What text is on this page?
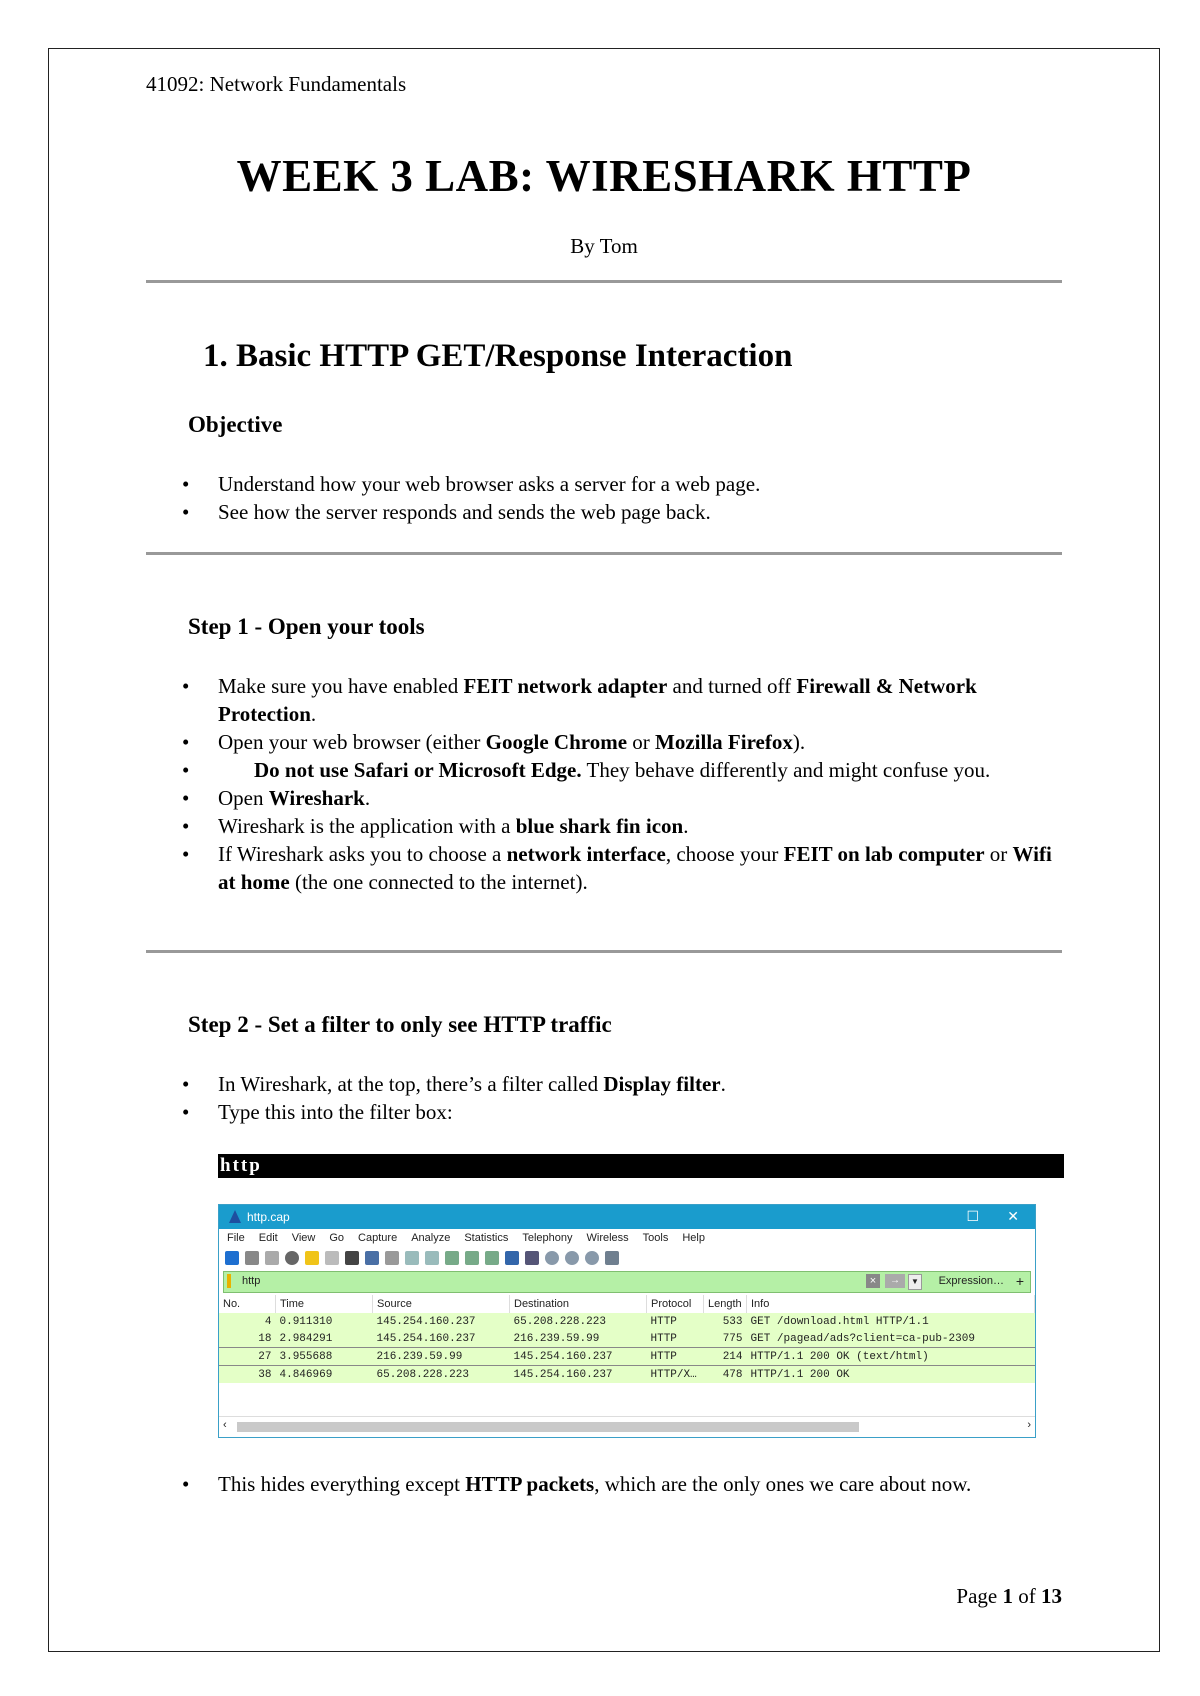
41092: Network Fundamentals
WEEK 3 LAB: WIRESHARK HTTP
By Tom
1. Basic HTTP GET/Response Interaction
Objective
• Understand how your web browser asks a server for a web page.
• See how the server responds and sends the web page back.
Step 1 - Open your tools
• Make sure you have enabled FEIT network adapter and turned off Firewall & Network Protection.
• Open your web browser (either Google Chrome or Mozilla Firefox).
• Do not use Safari or Microsoft Edge. They behave differently and might confuse you.
• Open Wireshark.
• Wireshark is the application with a blue shark fin icon.
• If Wireshark asks you to choose a network interface, choose your FEIT on lab computer or Wifi at home (the one connected to the internet).
Step 2 - Set a filter to only see HTTP traffic
• In Wireshark, at the top, there’s a filter called Display filter.
• Type this into the filter box:
http
http.cap	☐ ✕
File Edit View Go Capture Analyze Statistics Telephony Wireless Tools Help
http	×	→	▼ Expression… +
No.	Time	Source	Destination	Protocol	Length	Info
4	0.911310	145.254.160.237	65.208.228.223	HTTP	533	GET /download.html HTTP/1.1
18	2.984291	145.254.160.237	216.239.59.99	HTTP	775	GET /pagead/ads?client=ca-pub-2309
27	3.955688	216.239.59.99	145.254.160.237	HTTP	214	HTTP/1.1 200 OK (text/html)
38	4.846969	65.208.228.223	145.254.160.237	HTTP/X…	478	HTTP/1.1 200 OK
‹	›
• This hides everything except HTTP packets, which are the only ones we care about now.
Page 1 of 13
